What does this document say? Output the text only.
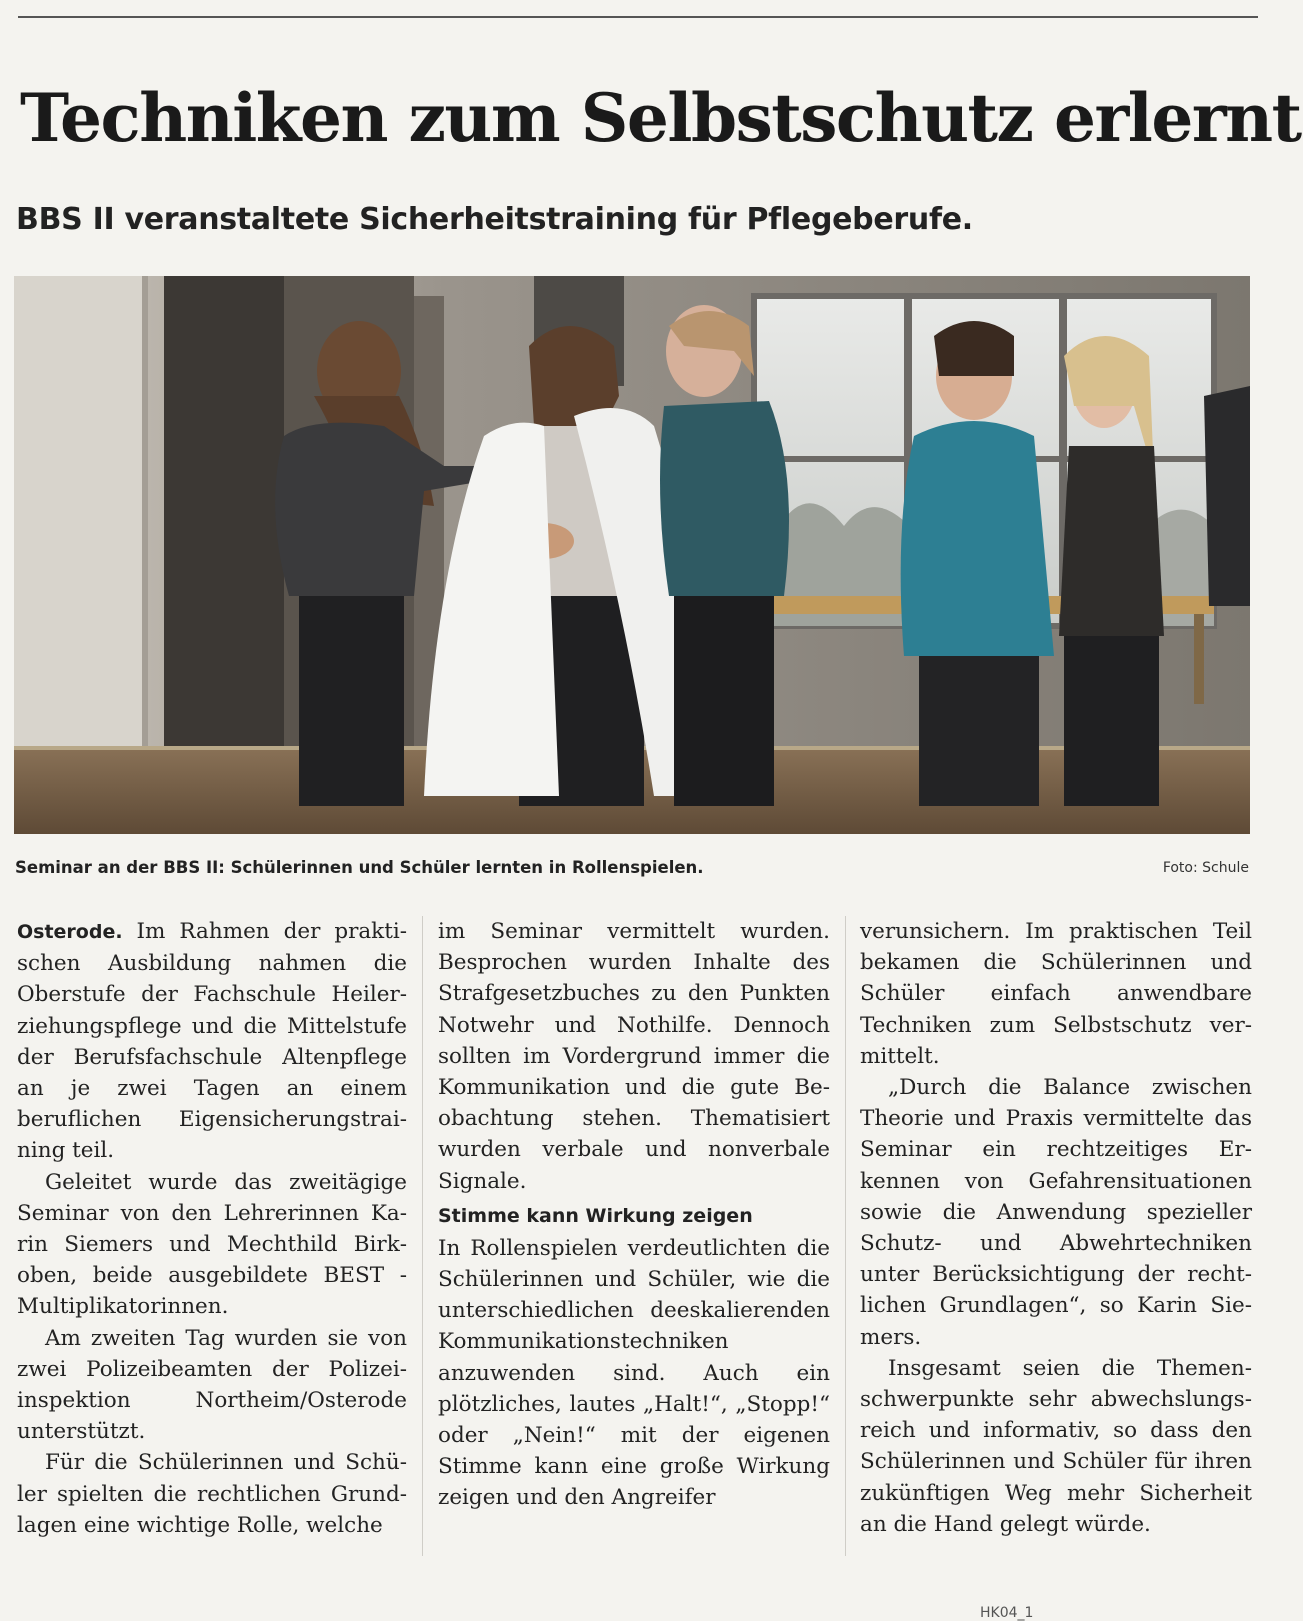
Techniken zum Selbstschutz erlernt
BBS II veranstaltete Sicherheitstraining für Pflegeberufe.
Seminar an der BBS II: Schülerinnen und Schüler lernten in Rollenspielen.	Foto: Schule

Osterode. Im Rahmen der praktischen Ausbildung nahmen die Oberstufe der Fachschule Heilerziehungspflege und die Mittelstufe der Berufsfachschule Altenpflege an je zwei Tagen an einem beruflichen Eigensicherungstraining teil.

Geleitet wurde das zweitägige Seminar von den Lehrerinnen Karin Siemers und Mechthild Birkoben, beide ausgebildete BEST - Multiplikatorinnen.

Am zweiten Tag wurden sie von zwei Polizeibeamten der Polizeiinspektion Northeim/Osterode unterstützt.

Für die Schülerinnen und Schüler spielten die rechtlichen Grundlagen eine wichtige Rolle, welche

im Seminar vermittelt wurden. Besprochen wurden Inhalte des Strafgesetzbuches zu den Punkten Notwehr und Nothilfe. Dennoch sollten im Vordergrund immer die Kommunikation und die gute Beobachtung stehen. Thematisiert wurden verbale und nonverbale Signale.

Stimme kann Wirkung zeigen

In Rollenspielen verdeutlichten die Schülerinnen und Schüler, wie die unterschiedlichen deeskalierenden Kommunikationstechniken anzuwenden sind. Auch ein plötzliches, lautes „Halt!“, „Stopp!“ oder „Nein!“ mit der eigenen Stimme kann eine große Wirkung zeigen und den Angreifer

verunsichern. Im praktischen Teil bekamen die Schülerinnen und Schüler einfach anwendbare Techniken zum Selbstschutz vermittelt.

„Durch die Balance zwischen Theorie und Praxis vermittelte das Seminar ein rechtzeitiges Erkennen von Gefahrensituationen sowie die Anwendung spezieller Schutz- und Abwehrtechniken unter Berücksichtigung der rechtlichen Grundlagen“, so Karin Siemers.

Insgesamt seien die Themenschwerpunkte sehr abwechslungsreich und informativ, so dass den Schülerinnen und Schüler für ihren zukünftigen Weg mehr Sicherheit an die Hand gelegt würde.

HK04_1
